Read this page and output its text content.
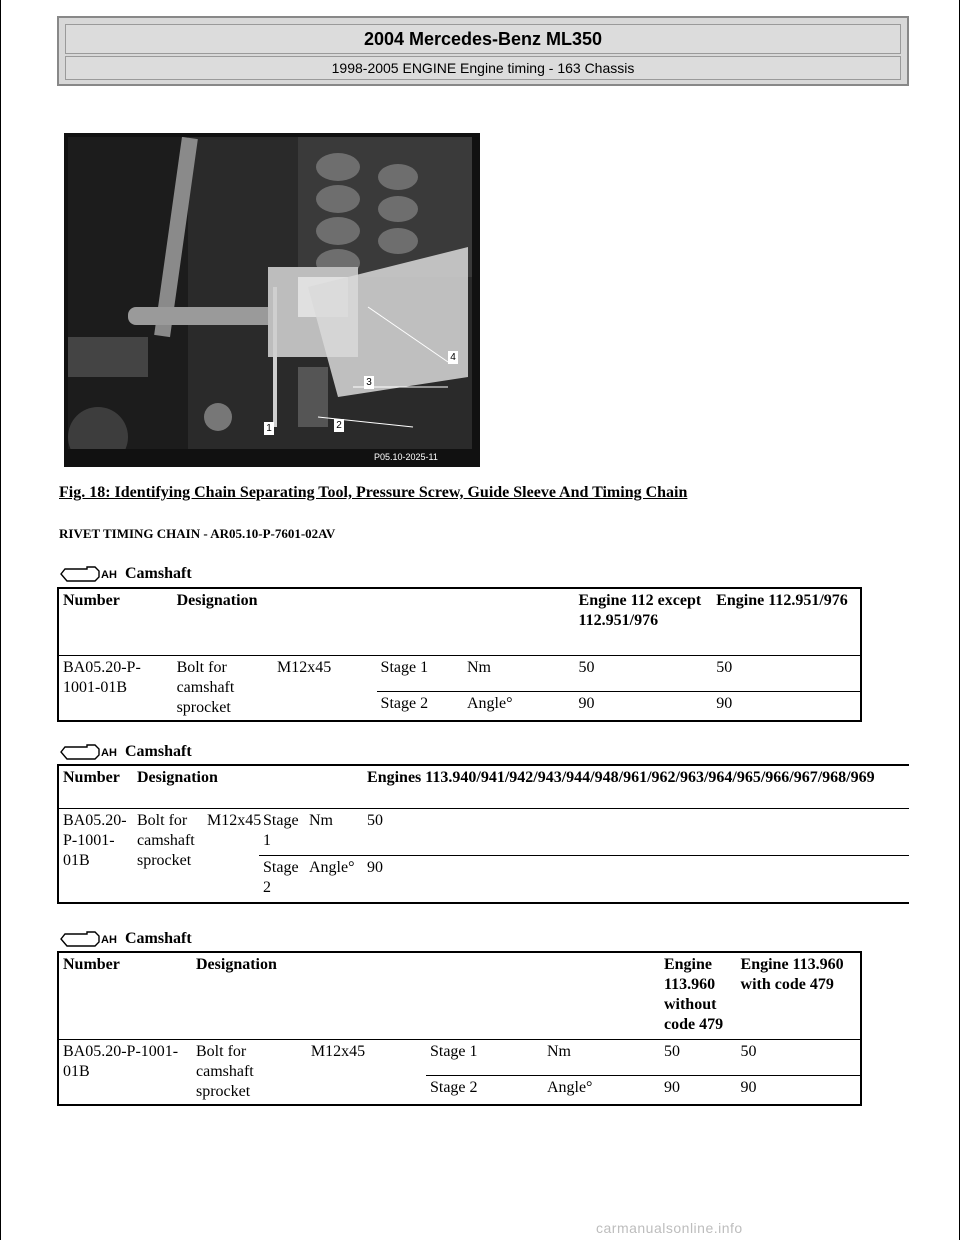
2004 Mercedes-Benz ML350
1998-2005 ENGINE Engine timing - 163 Chassis
1	2
3
4
P05.10-2025-11
Fig. 18: Identifying Chain Separating Tool, Pressure Screw, Guide Sleeve And Timing Chain
RIVET TIMING CHAIN - AR05.10-P-7601-02AV
AH Camshaft
Number	Designation				Engine 112 except 112.951/976	Engine 112.951/976
BA05.20-P-1001-01B	Bolt for camshaft sprocket	M12x45	Stage 1	Nm	50	50
			Stage 2	Angle°	90	90
AH Camshaft
Number	Designation				Engines 113.940/941/942/943/944/948/961/962/963/964/965/966/967/968/969
BA05.20-P-1001-01B	Bolt for camshaft sprocket	M12x45	Stage 1	Nm	50
			Stage 2	Angle°	90
AH Camshaft
Number	Designation				Engine 113.960 without code 479	Engine 113.960 with code 479
BA05.20-P-1001-01B	Bolt for camshaft sprocket	M12x45	Stage 1	Nm	50	50
			Stage 2	Angle°	90	90
carmanualsonline.info
